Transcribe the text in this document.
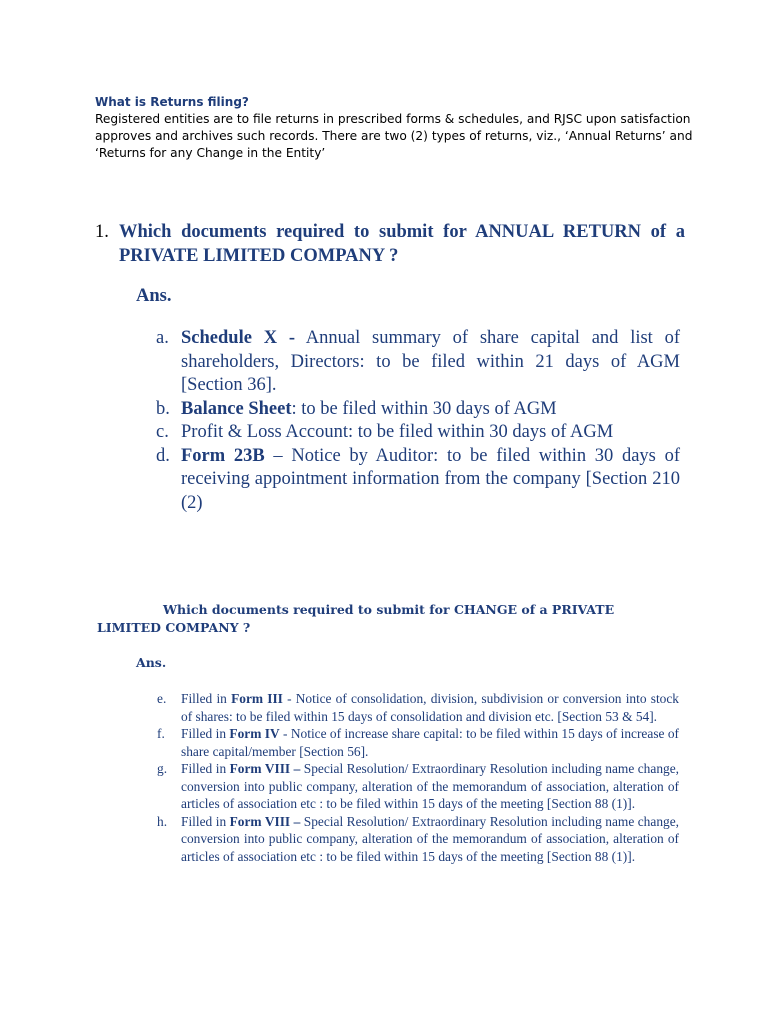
What is Returns filing?

Registered entities are to file returns in prescribed forms & schedules, and RJSC upon satisfaction approves and archives such records. There are two (2) types of returns, viz., ‘Annual Returns’ and ‘Returns for any Change in the Entity’

1. Which documents required to submit for ANNUAL RETURN of a PRIVATE LIMITED COMPANY ?
Ans.
a. Schedule X - Annual summary of share capital and list of shareholders, Directors: to be filed within 21 days of AGM [Section 36].
b. Balance Sheet: to be filed within 30 days of AGM
c. Profit & Loss Account: to be filed within 30 days of AGM
d. Form 23B – Notice by Auditor: to be filed within 30 days of receiving appointment information from the company [Section 210 (2)

Which documents required to submit for CHANGE of a PRIVATE LIMITED COMPANY ?

Ans.
e.	Filled in Form III - Notice of consolidation, division, subdivision or conversion into stock of shares: to be filed within 15 days of consolidation and division etc. [Section 53 & 54].
f.	Filled in Form IV - Notice of increase share capital: to be filed within 15 days of increase of share capital/member [Section 56].
g.	Filled in Form VIII – Special Resolution/ Extraordinary Resolution including name change, conversion into public company, alteration of the memorandum of association, alteration of articles of association etc : to be filed within 15 days of the meeting [Section 88 (1)].
h.	Filled in Form VIII – Special Resolution/ Extraordinary Resolution including name change, conversion into public company, alteration of the memorandum of association, alteration of articles of association etc : to be filed within 15 days of the meeting [Section 88 (1)].
